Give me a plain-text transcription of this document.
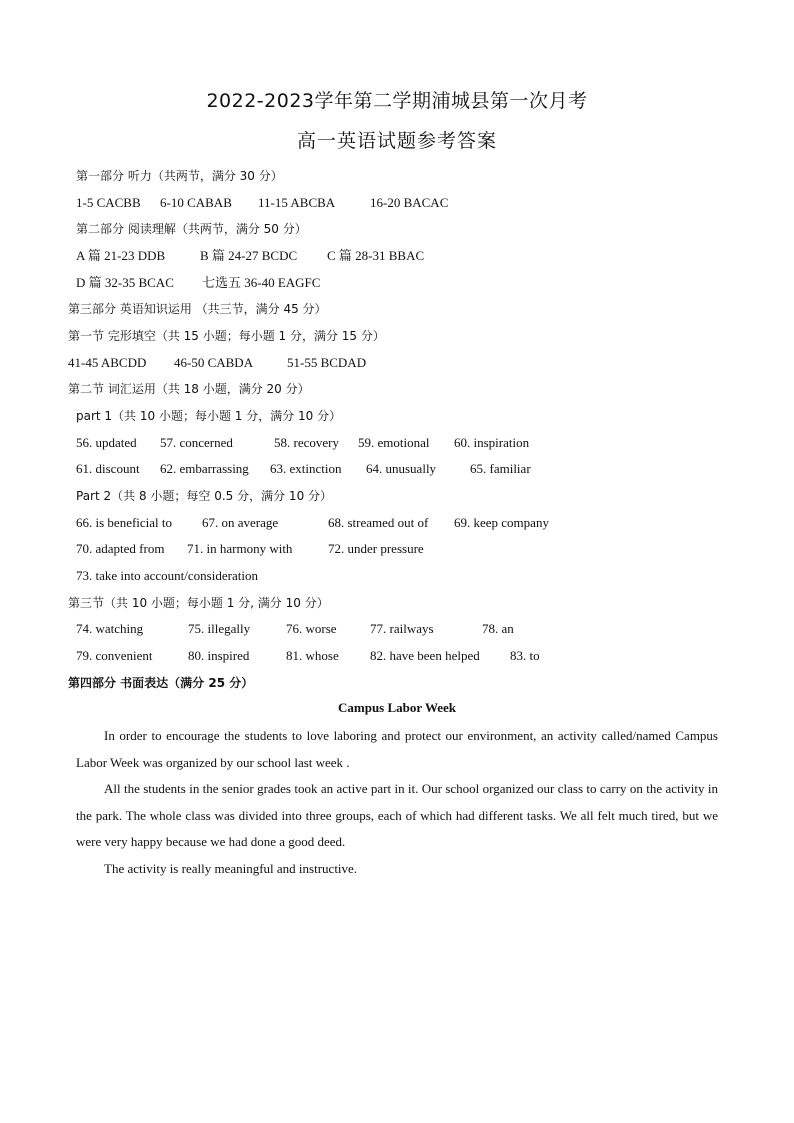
2022-2023学年第二学期浦城县第一次月考
高一英语试题参考答案
第一部分 听力（共两节，满分 30 分）
1-5 CACBB 6-10 CABAB 11-15 ABCBA	16-20 BACAC
第二部分 阅读理解（共两节，满分 50 分）
A 篇 21-23 DDB	B 篇 24-27 BCDC C 篇 28-31 BBAC
D 篇 32-35 BCAC 七选五 36-40 EAGFC
第三部分 英语知识运用 （共三节，满分 45 分）
第一节 完形填空（共 15 小题；每小题 1 分，满分 15 分）
41-45 ABCDD 46-50 CABDA	51-55 BCDAD
第二节 词汇运用（共 18 小题，满分 20 分）
part 1（共 10 小题；每小题 1 分，满分 10 分）
56. updated 57. concerned	58. recovery 59. emotional 60. inspiration
61. discount 62. embarrassing 63. extinction 64. unusually	65. familiar
Part 2（共 8 小题；每空 0.5 分，满分 10 分）
66. is beneficial to 67. on average	68. streamed out of 69. keep company
70. adapted from 71. in harmony with	72. under pressure
73. take into account/consideration
第三节（共 10 小题；每小题 1 分, 满分 10 分）
74. watching	75. illegally	76. worse	77. railways	78. an
79. convenient	80. inspired	81. whose 82. have been helped 83. to
第四部分 书面表达（满分 25 分）
Campus Labor Week
In order to encourage the students to love laboring and protect our environment, an activity called/named Campus Labor Week was organized by our school last week .
All the students in the senior grades took an active part in it. Our school organized our class to carry on the activity in the park. The whole class was divided into three groups, each of which had different tasks. We all felt much tired, but we were very happy because we had done a good deed.
The activity is really meaningful and instructive.
